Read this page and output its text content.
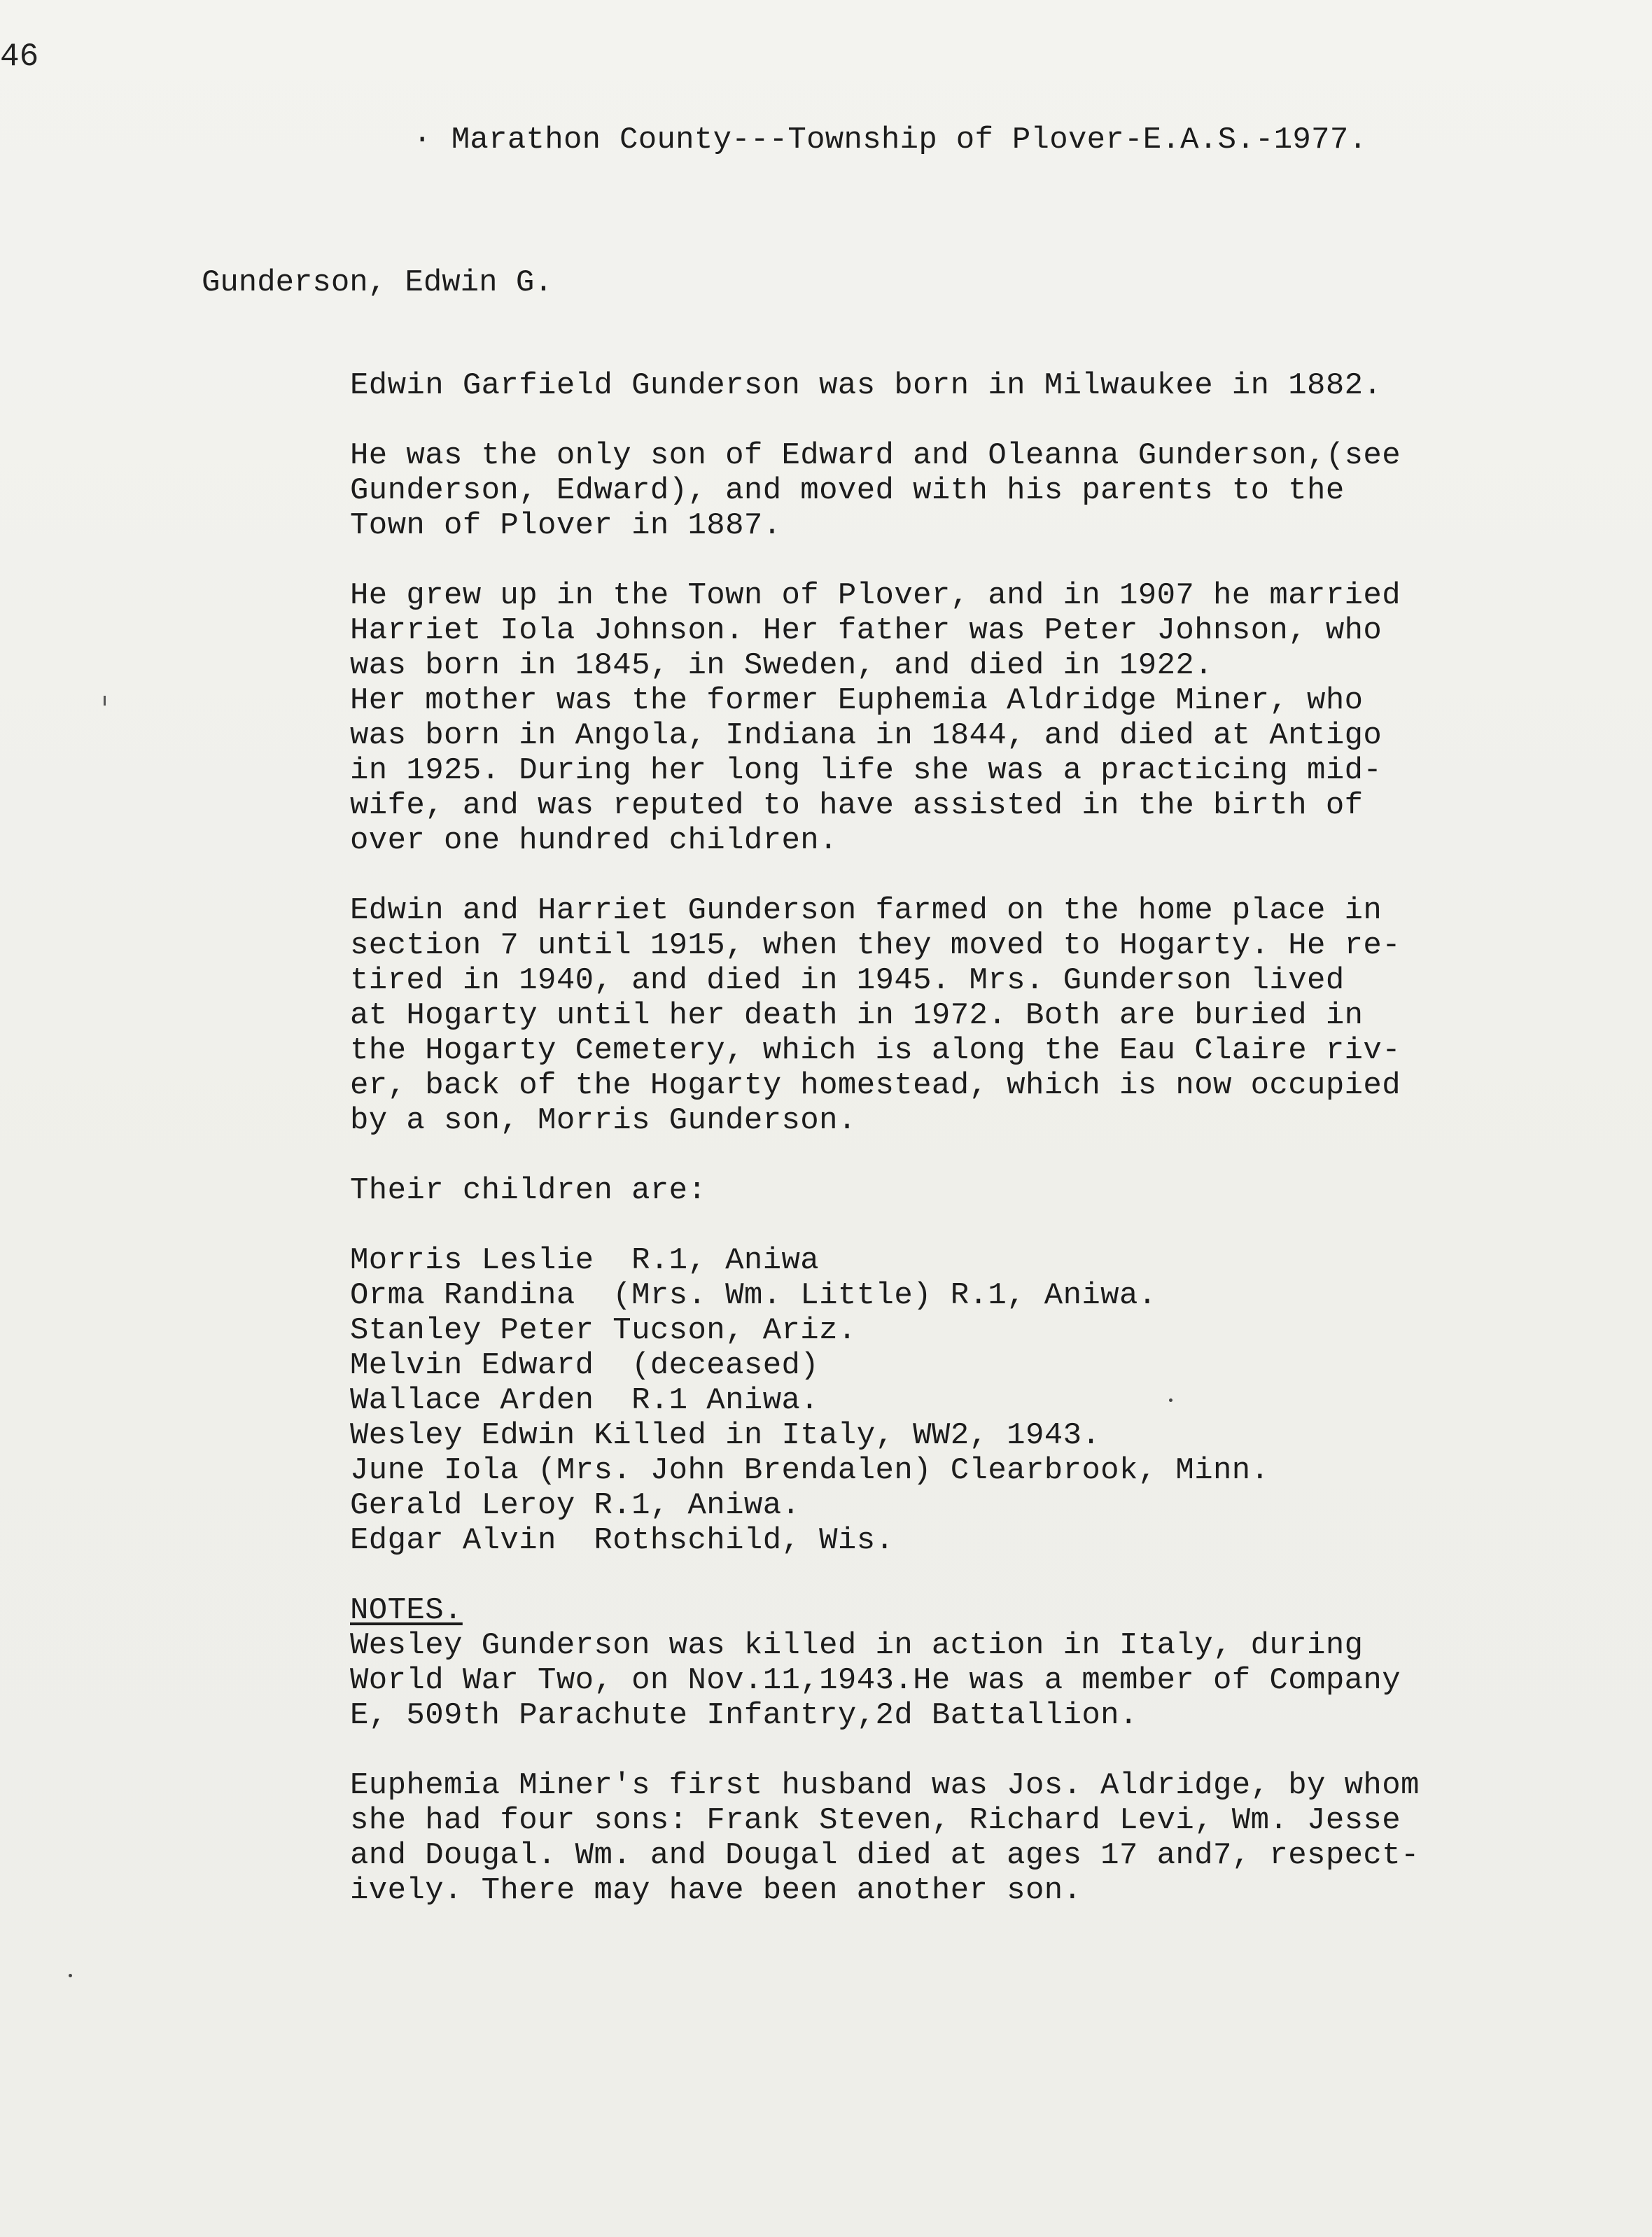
46
· Marathon County---Township of Plover-E.A.S.-1977.
Gunderson, Edwin G.
Edwin Garfield Gunderson was born in Milwaukee in 1882.
He was the only son of Edward and Oleanna Gunderson,(see
Gunderson, Edward), and moved with his parents to the
Town of Plover in 1887.
He grew up in the Town of Plover, and in 1907 he married
Harriet Iola Johnson. Her father was Peter Johnson, who
was born in 1845, in Sweden, and died in 1922.
Her mother was the former Euphemia Aldridge Miner, who
was born in Angola, Indiana in 1844, and died at Antigo
in 1925. During her long life she was a practicing mid-
wife, and was reputed to have assisted in the birth of
over one hundred children.
Edwin and Harriet Gunderson farmed on the home place in
section 7 until 1915, when they moved to Hogarty. He re-
tired in 1940, and died in 1945. Mrs. Gunderson lived
at Hogarty until her death in 1972. Both are buried in
the Hogarty Cemetery, which is along the Eau Claire riv-
er, back of the Hogarty homestead, which is now occupied
by a son, Morris Gunderson.
Their children are:
Morris Leslie  R.1, Aniwa
Orma Randina  (Mrs. Wm. Little) R.1, Aniwa.
Stanley Peter Tucson, Ariz.
Melvin Edward  (deceased)
Wallace Arden  R.1 Aniwa.
Wesley Edwin Killed in Italy, WW2, 1943.
June Iola (Mrs. John Brendalen) Clearbrook, Minn.
Gerald Leroy R.1, Aniwa.
Edgar Alvin  Rothschild, Wis.
NOTES.
Wesley Gunderson was killed in action in Italy, during
World War Two, on Nov.11,1943.He was a member of Company
E, 509th Parachute Infantry,2d Battallion.
Euphemia Miner's first husband was Jos. Aldridge, by whom
she had four sons: Frank Steven, Richard Levi, Wm. Jesse
and Dougal. Wm. and Dougal died at ages 17 and7, respect-
ively. There may have been another son.
